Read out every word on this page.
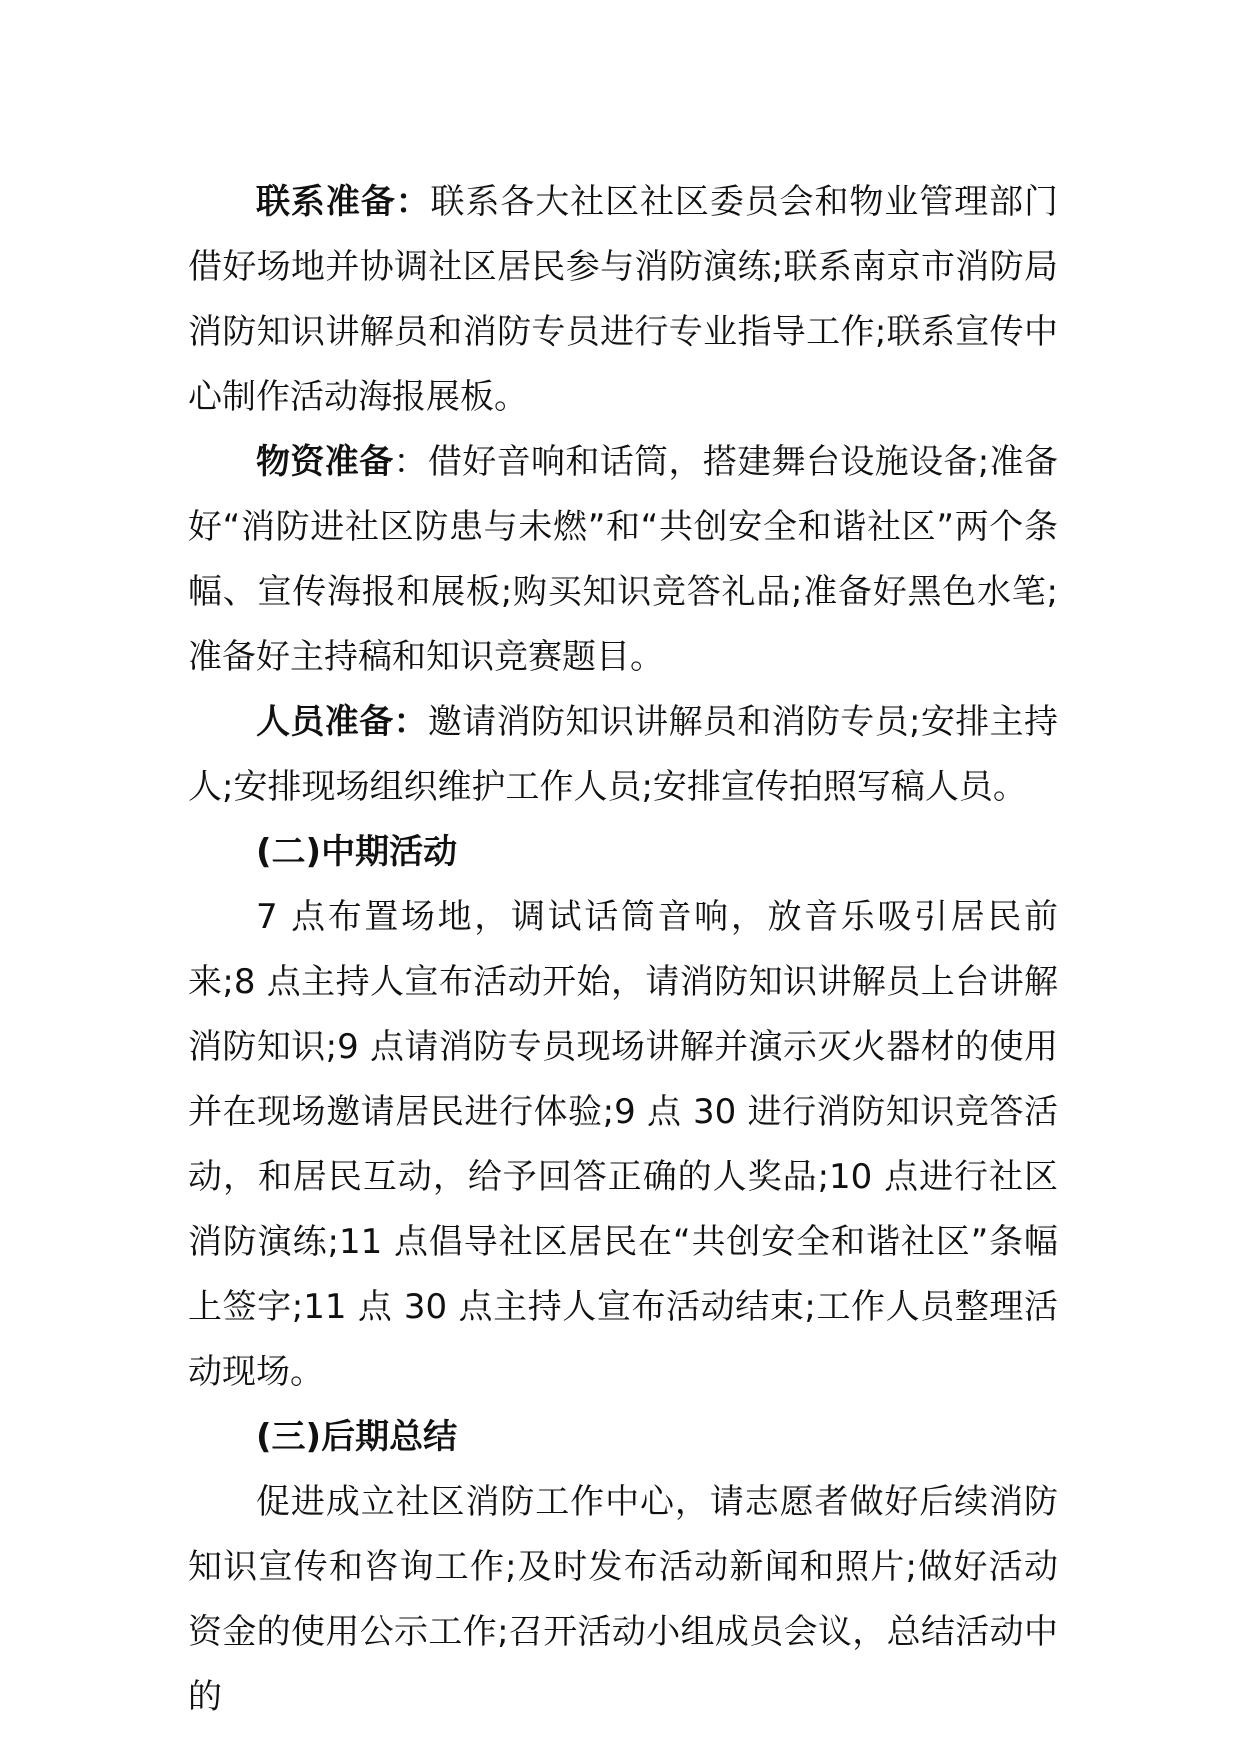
联系准备：联系各大社区社区委员会和物业管理部门借好场地并协调社区居民参与消防演练;联系南京市消防局消防知识讲解员和消防专员进行专业指导工作;联系宣传中心制作活动海报展板。

物资准备：借好音响和话筒，搭建舞台设施设备;准备好“消防进社区防患与未燃”和“共创安全和谐社区”两个条幅、宣传海报和展板;购买知识竞答礼品;准备好黑色水笔;准备好主持稿和知识竞赛题目。

人员准备：邀请消防知识讲解员和消防专员;安排主持人;安排现场组织维护工作人员;安排宣传拍照写稿人员。

(二)中期活动

7 点布置场地，调试话筒音响，放音乐吸引居民前来;8 点主持人宣布活动开始，请消防知识讲解员上台讲解消防知识;9 点请消防专员现场讲解并演示灭火器材的使用并在现场邀请居民进行体验;9 点 30 进行消防知识竞答活动，和居民互动，给予回答正确的人奖品;10 点进行社区消防演练;11 点倡导社区居民在“共创安全和谐社区”条幅上签字;11 点 30 点主持人宣布活动结束;工作人员整理活动现场。

(三)后期总结

促进成立社区消防工作中心，请志愿者做好后续消防知识宣传和咨询工作;及时发布活动新闻和照片;做好活动资金的使用公示工作;召开活动小组成员会议，总结活动中的
